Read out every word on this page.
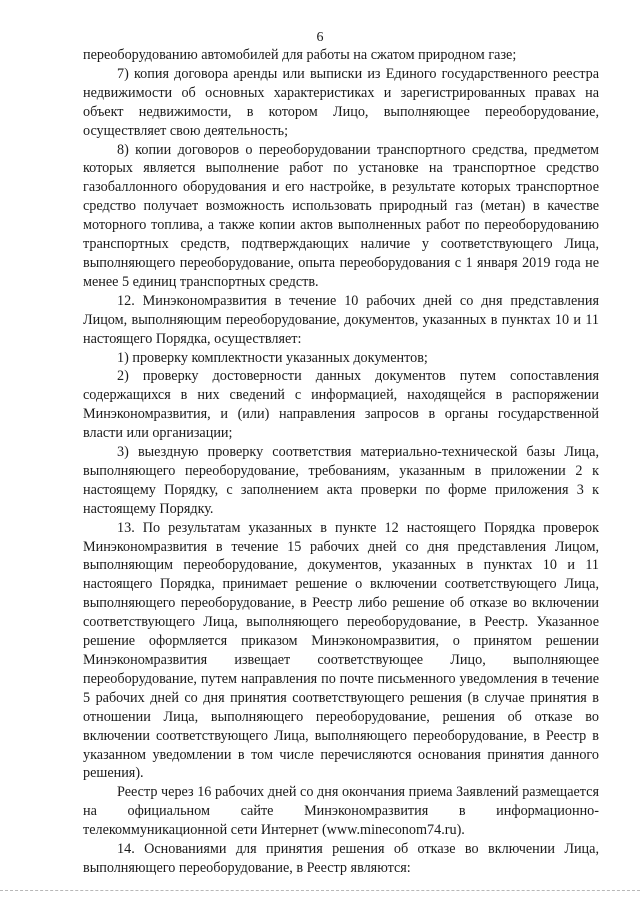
6

переоборудованию автомобилей для работы на сжатом природном газе;

7) копия договора аренды или выписки из Единого государственного реестра недвижимости об основных характеристиках и зарегистрированных правах на объект недвижимости, в котором Лицо, выполняющее переоборудование, осуществляет свою деятельность;

8) копии договоров о переоборудовании транспортного средства, предметом которых является выполнение работ по установке на транспортное средство газобаллонного оборудования и его настройке, в результате которых транспортное средство получает возможность использовать природный газ (метан) в качестве моторного топлива, а также копии актов выполненных работ по переоборудованию транспортных средств, подтверждающих наличие у соответствующего Лица, выполняющего переоборудование, опыта переоборудования с 1 января 2019 года не менее 5 единиц транспортных средств.

12. Минэкономразвития в течение 10 рабочих дней со дня представления Лицом, выполняющим переоборудование, документов, указанных в пунктах 10 и 11 настоящего Порядка, осуществляет:

1) проверку комплектности указанных документов;

2) проверку достоверности данных документов путем сопоставления содержащихся в них сведений с информацией, находящейся в распоряжении Минэкономразвития, и (или) направления запросов в органы государственной власти или организации;

3) выездную проверку соответствия материально-технической базы Лица, выполняющего переоборудование, требованиям, указанным в приложении 2 к настоящему Порядку, с заполнением акта проверки по форме приложения 3 к настоящему Порядку.

13. По результатам указанных в пункте 12 настоящего Порядка проверок Минэкономразвития в течение 15 рабочих дней со дня представления Лицом, выполняющим переоборудование, документов, указанных в пунктах 10 и 11 настоящего Порядка, принимает решение о включении соответствующего Лица, выполняющего переоборудование, в Реестр либо решение об отказе во включении соответствующего Лица, выполняющего переоборудование, в Реестр. Указанное решение оформляется приказом Минэкономразвития, о принятом решении Минэкономразвития извещает соответствующее Лицо, выполняющее переоборудование, путем направления по почте письменного уведомления в течение 5 рабочих дней со дня принятия соответствующего решения (в случае принятия в отношении Лица, выполняющего переоборудование, решения об отказе во включении соответствующего Лица, выполняющего переоборудование, в Реестр в указанном уведомлении в том числе перечисляются основания принятия данного решения).

Реестр через 16 рабочих дней со дня окончания приема Заявлений размещается на официальном сайте Минэкономразвития в информационно-телекоммуникационной сети Интернет (www.mineconom74.ru).

14. Основаниями для принятия решения об отказе во включении Лица, выполняющего переоборудование, в Реестр являются:
